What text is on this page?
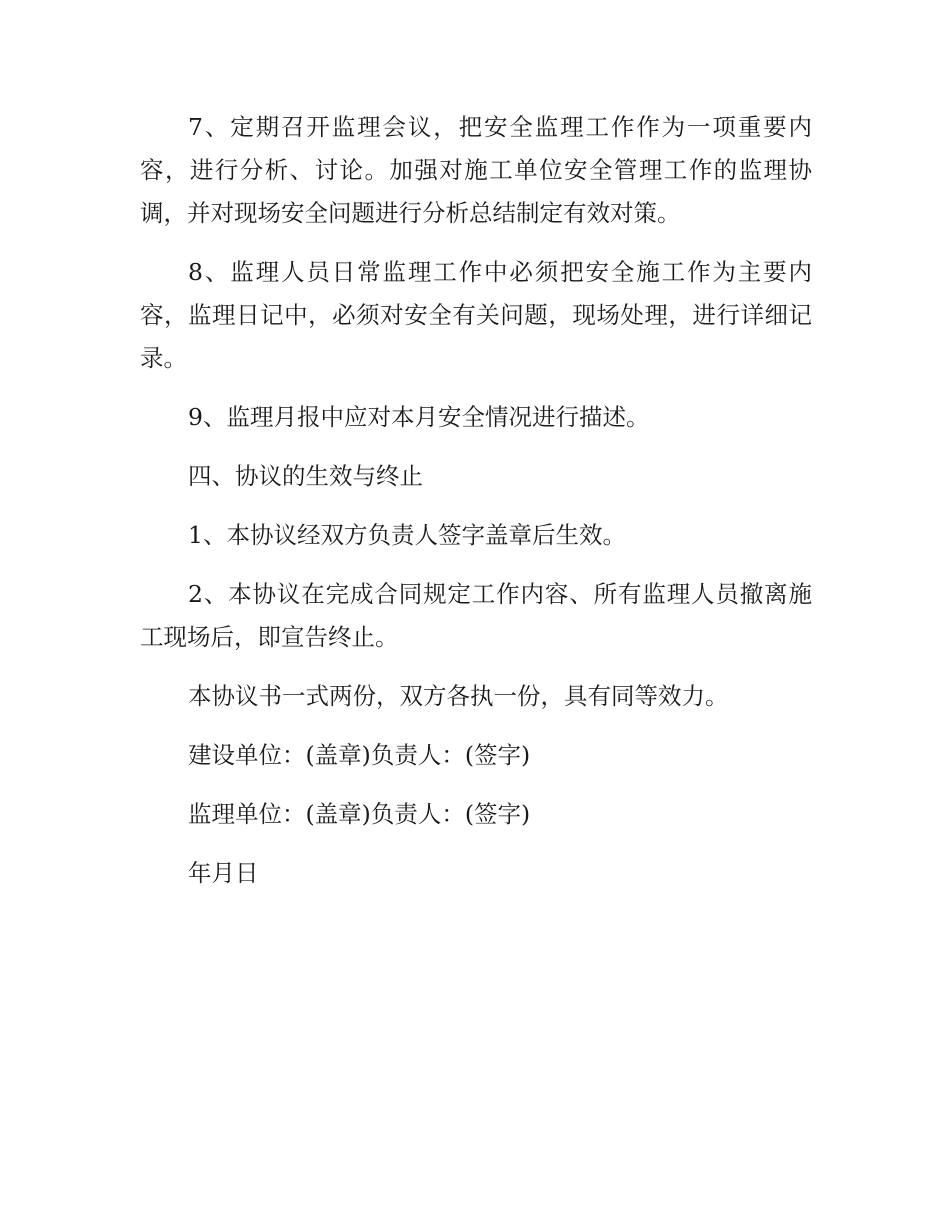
7、定期召开监理会议，把安全监理工作作为一项重要内容，进行分析、讨论。加强对施工单位安全管理工作的监理协调，并对现场安全问题进行分析总结制定有效对策。

8、监理人员日常监理工作中必须把安全施工作为主要内容，监理日记中，必须对安全有关问题，现场处理，进行详细记录。

9、监理月报中应对本月安全情况进行描述。

四、协议的生效与终止

1、本协议经双方负责人签字盖章后生效。

2、本协议在完成合同规定工作内容、所有监理人员撤离施工现场后，即宣告终止。

本协议书一式两份，双方各执一份，具有同等效力。

建设单位：(盖章)负责人：(签字)

监理单位：(盖章)负责人：(签字)

年月日
